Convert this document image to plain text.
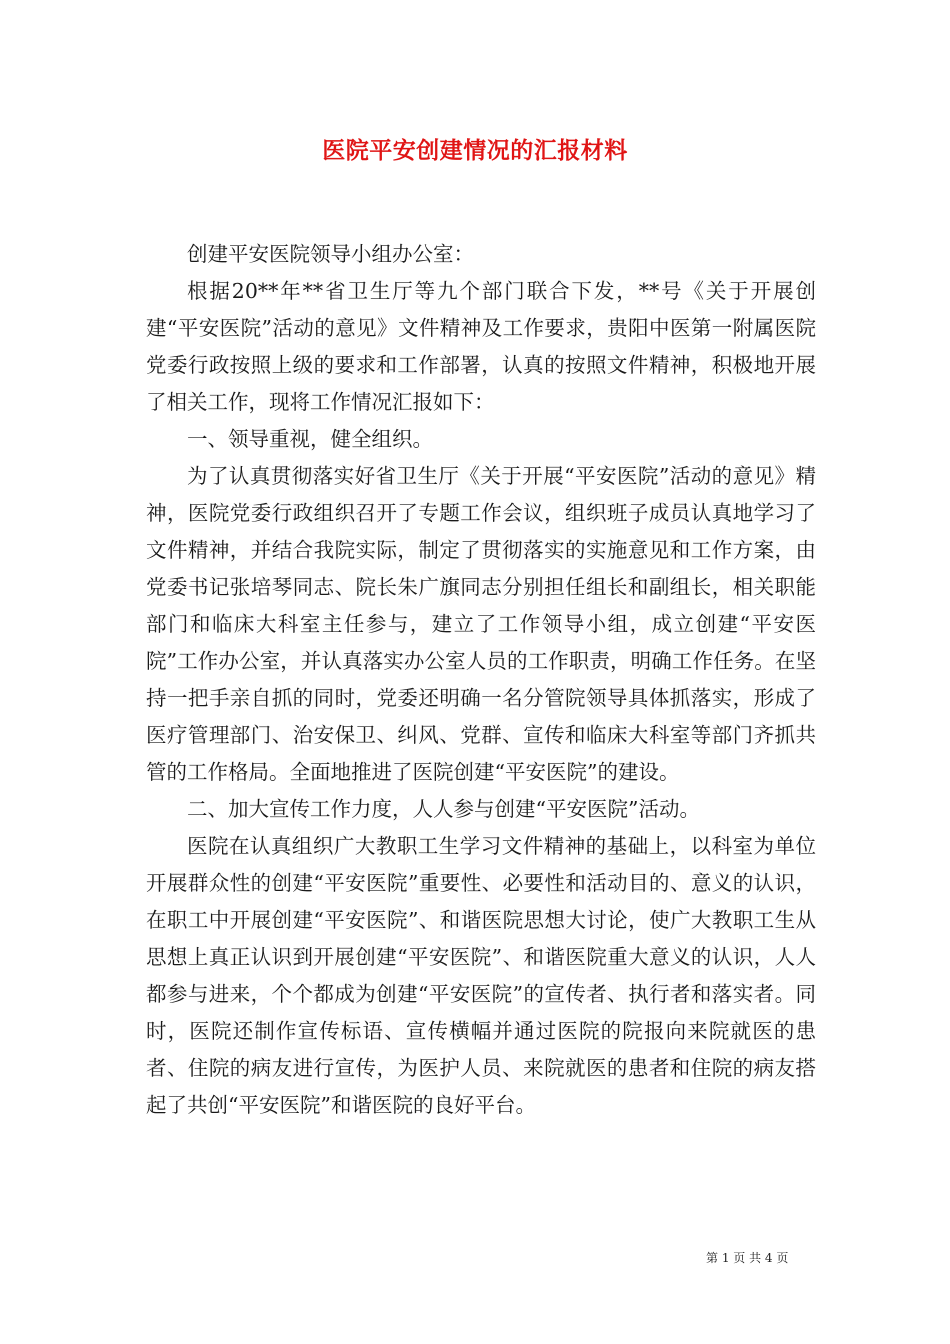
医院平安创建情况的汇报材料

创建平安医院领导小组办公室：

根据20**年**省卫生厅等九个部门联合下发，**号《关于开展创建“平安医院”活动的意见》文件精神及工作要求，贵阳中医第一附属医院党委行政按照上级的要求和工作部署，认真的按照文件精神，积极地开展了相关工作，现将工作情况汇报如下：

一、领导重视，健全组织。

为了认真贯彻落实好省卫生厅《关于开展“平安医院”活动的意见》精神，医院党委行政组织召开了专题工作会议，组织班子成员认真地学习了文件精神，并结合我院实际，制定了贯彻落实的实施意见和工作方案，由党委书记张培琴同志、院长朱广旗同志分别担任组长和副组长，相关职能部门和临床大科室主任参与，建立了工作领导小组，成立创建“平安医院”工作办公室，并认真落实办公室人员的工作职责，明确工作任务。在坚持一把手亲自抓的同时，党委还明确一名分管院领导具体抓落实，形成了医疗管理部门、治安保卫、纠风、党群、宣传和临床大科室等部门齐抓共管的工作格局。全面地推进了医院创建“平安医院”的建设。

二、加大宣传工作力度，人人参与创建“平安医院”活动。

医院在认真组织广大教职工生学习文件精神的基础上，以科室为单位开展群众性的创建“平安医院”重要性、必要性和活动目的、意义的认识，在职工中开展创建“平安医院”、和谐医院思想大讨论，使广大教职工生从思想上真正认识到开展创建“平安医院”、和谐医院重大意义的认识，人人都参与进来，个个都成为创建“平安医院”的宣传者、执行者和落实者。同时，医院还制作宣传标语、宣传横幅并通过医院的院报向来院就医的患者、住院的病友进行宣传，为医护人员、来院就医的患者和住院的病友搭起了共创“平安医院”和谐医院的良好平台。

第 1 页 共 4 页
